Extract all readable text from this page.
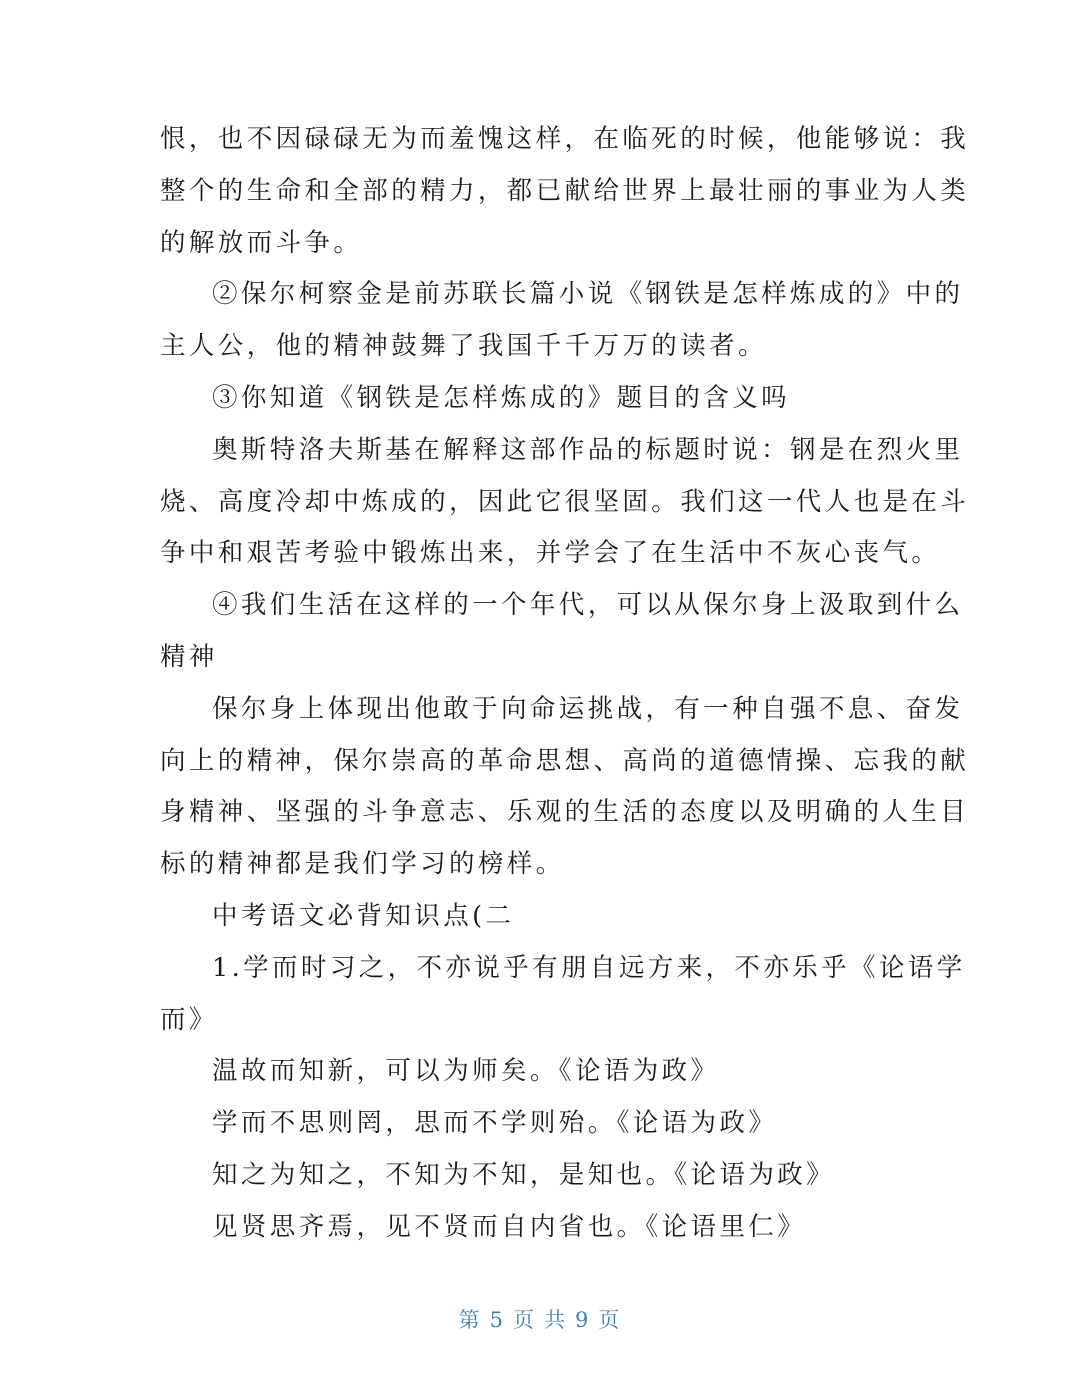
恨，也不因碌碌无为而羞愧这样，在临死的时候，他能够说：我
整个的生命和全部的精力，都已献给世界上最壮丽的事业为人类
的解放而斗争。
②保尔柯察金是前苏联长篇小说《钢铁是怎样炼成的》中的
主人公，他的精神鼓舞了我国千千万万的读者。
③你知道《钢铁是怎样炼成的》题目的含义吗
奥斯特洛夫斯基在解释这部作品的标题时说：钢是在烈火里
烧、高度冷却中炼成的，因此它很坚固。我们这一代人也是在斗
争中和艰苦考验中锻炼出来，并学会了在生活中不灰心丧气。
④我们生活在这样的一个年代，可以从保尔身上汲取到什么
精神
保尔身上体现出他敢于向命运挑战，有一种自强不息、奋发
向上的精神，保尔崇高的革命思想、高尚的道德情操、忘我的献
身精神、坚强的斗争意志、乐观的生活的态度以及明确的人生目
标的精神都是我们学习的榜样。
中考语文必背知识点(二
1.学而时习之，不亦说乎有朋自远方来，不亦乐乎《论语学
而》
温故而知新，可以为师矣。《论语为政》
学而不思则罔，思而不学则殆。《论语为政》
知之为知之，不知为不知，是知也。《论语为政》
见贤思齐焉，见不贤而自内省也。《论语里仁》
第 5 页 共 9 页
